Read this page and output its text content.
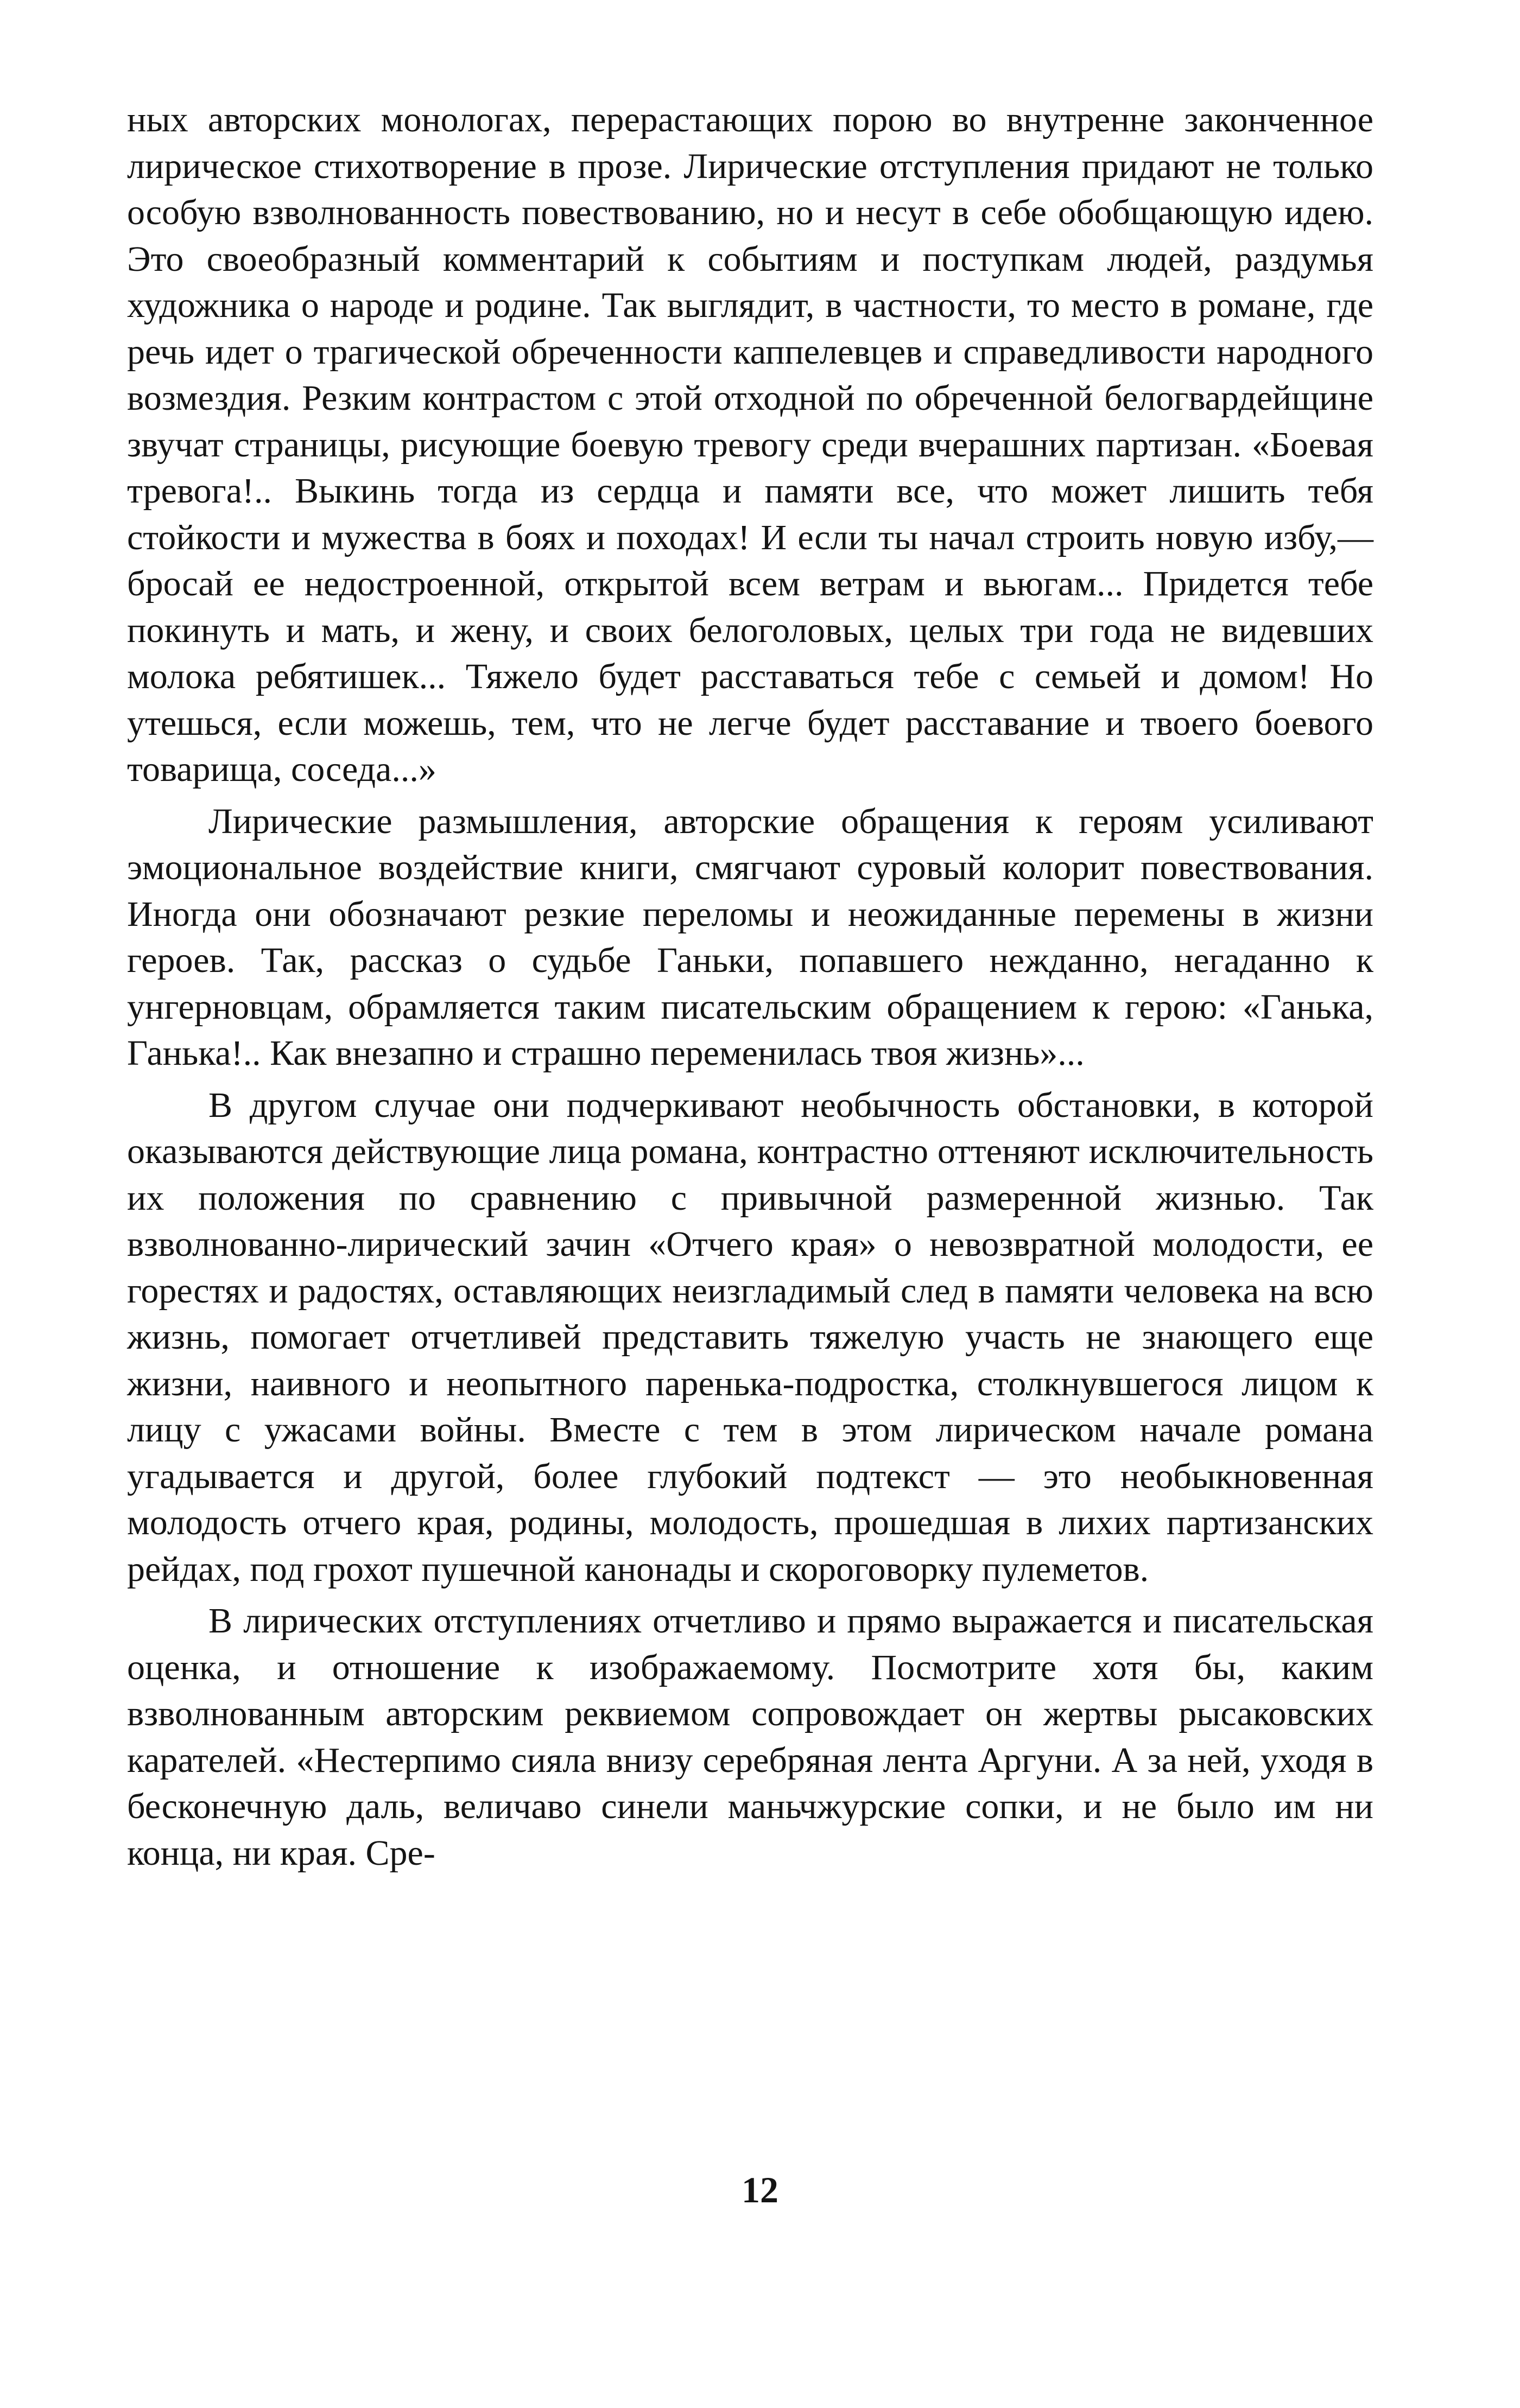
ных авторских монологах, перерастающих порою во внутренне законченное лирическое стихотворение в прозе. Лирические отступления придают не только особую взволнованность повествованию, но и несут в себе обобщающую идею. Это своеобразный комментарий к событиям и поступкам людей, раздумья художника о народе и родине. Так выглядит, в частности, то место в романе, где речь идет о трагической обреченности каппелевцев и справедливости народного возмездия. Резким контрастом с этой отходной по обреченной белогвардейщине звучат страницы, рисующие боевую тревогу среди вчерашних партизан. «Боевая тревога!.. Выкинь тогда из сердца и памяти все, что может лишить тебя стойкости и мужества в боях и походах! И если ты начал строить новую избу,— бросай ее недостроенной, открытой всем ветрам и вьюгам... Придется тебе покинуть и мать, и жену, и своих белоголовых, целых три года не видевших молока ребятишек... Тяжело будет расставаться тебе с семьей и домом! Но утешься, если можешь, тем, что не легче будет расставание и твоего боевого товарища, соседа...»

Лирические размышления, авторские обращения к героям усиливают эмоциональное воздействие книги, смягчают суровый колорит повествования. Иногда они обозначают резкие переломы и неожиданные перемены в жизни героев. Так, рассказ о судьбе Ганьки, попавшего нежданно, негаданно к унгерновцам, обрамляется таким писательским обращением к герою: «Ганька, Ганька!.. Как внезапно и страшно переменилась твоя жизнь»...

В другом случае они подчеркивают необычность обстановки, в которой оказываются действующие лица романа, контрастно оттеняют исключительность их положения по сравнению с привычной размеренной жизнью. Так взволнованно-лирический зачин «Отчего края» о невозвратной молодости, ее горестях и радостях, оставляющих неизгладимый след в памяти человека на всю жизнь, помогает отчетливей представить тяжелую участь не знающего еще жизни, наивного и неопытного паренька-подростка, столкнувшегося лицом к лицу с ужасами войны. Вместе с тем в этом лирическом начале романа угадывается и другой, более глубокий подтекст — это необыкновенная молодость отчего края, родины, молодость, прошедшая в лихих партизанских рейдах, под грохот пушечной канонады и скороговорку пулеметов.

В лирических отступлениях отчетливо и прямо выражается и писательская оценка, и отношение к изображаемому. Посмотрите хотя бы, каким взволнованным авторским реквиемом сопровождает он жертвы рысаковских карателей. «Нестерпимо сияла внизу серебряная лента Аргуни. А за ней, уходя в бесконечную даль, величаво синели маньчжурские сопки, и не было им ни конца, ни края. Сре-

12
